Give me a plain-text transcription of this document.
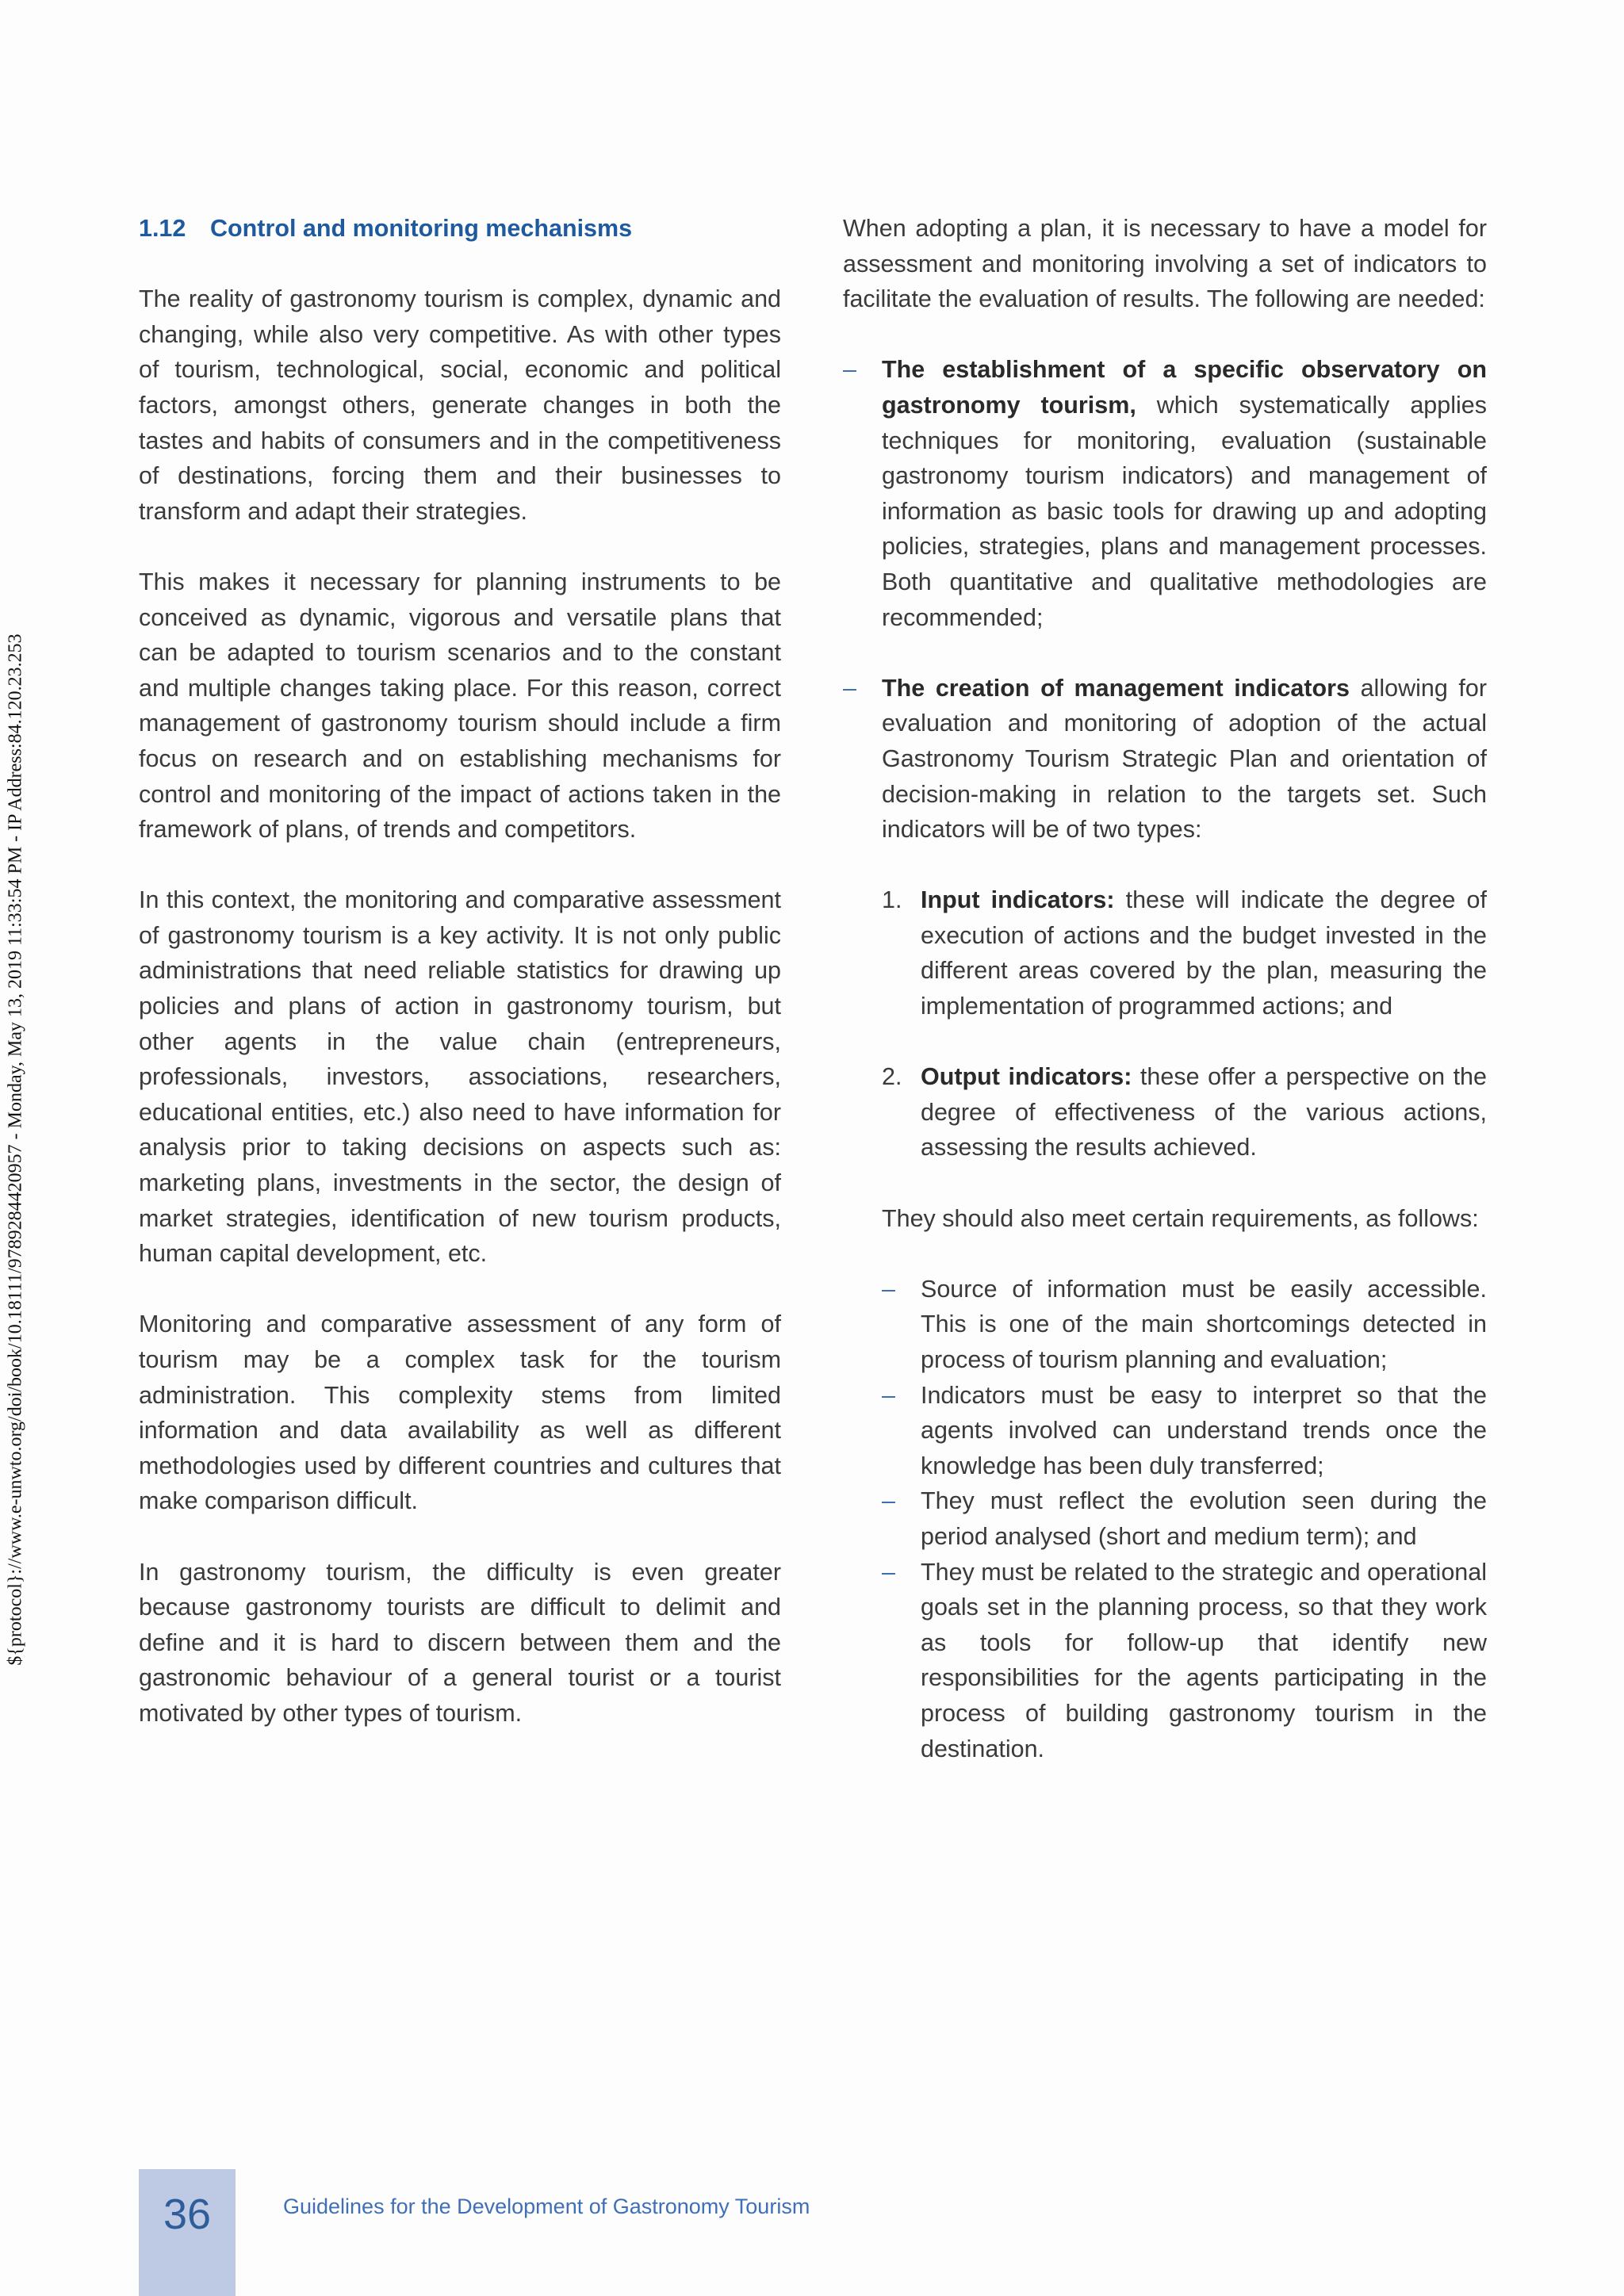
${protocol}://www.e-unwto.org/doi/book/10.18111/9789284420957 - Monday, May 13, 2019 11:33:54 PM - IP Address:84.120.23.253
1.12 Control and monitoring mechanisms

The reality of gastronomy tourism is complex, dynamic and changing, while also very competitive. As with other types of tourism, technological, social, economic and political factors, amongst others, generate changes in both the tastes and habits of consumers and in the competitiveness of destinations, forcing them and their businesses to transform and adapt their strategies.

This makes it necessary for planning instruments to be conceived as dynamic, vigorous and versatile plans that can be adapted to tourism scenarios and to the constant and multiple changes taking place. For this reason, correct management of gastronomy tourism should include a firm focus on research and on establishing mechanisms for control and monitoring of the impact of actions taken in the framework of plans, of trends and competitors.

In this context, the monitoring and comparative assessment of gastronomy tourism is a key activity. It is not only public administrations that need reliable statistics for drawing up policies and plans of action in gastronomy tourism, but other agents in the value chain (entrepreneurs, professionals, investors, associations, researchers, educational entities, etc.) also need to have information for analysis prior to taking decisions on aspects such as: marketing plans, investments in the sector, the design of market strategies, identification of new tourism products, human capital development, etc.

Monitoring and comparative assessment of any form of tourism may be a complex task for the tourism administration. This complexity stems from limited information and data availability as well as different methodologies used by different countries and cultures that make comparison difficult.

In gastronomy tourism, the difficulty is even greater because gastronomy tourists are difficult to delimit and define and it is hard to discern between them and the gastronomic behaviour of a general tourist or a tourist motivated by other types of tourism.

When adopting a plan, it is necessary to have a model for assessment and monitoring involving a set of indicators to facilitate the evaluation of results. The following are needed:

– The establishment of a specific observatory on gastronomy tourism, which systematically applies techniques for monitoring, evaluation (sustainable gastronomy tourism indicators) and management of information as basic tools for drawing up and adopting policies, strategies, plans and management processes. Both quantitative and qualitative methodologies are recommended;
– The creation of management indicators allowing for evaluation and monitoring of adoption of the actual Gastronomy Tourism Strategic Plan and orientation of decision-making in relation to the targets set. Such indicators will be of two types:
1. Input indicators: these will indicate the degree of execution of actions and the budget invested in the different areas covered by the plan, measuring the implementation of programmed actions; and
2. Output indicators: these offer a perspective on the degree of effectiveness of the various actions, assessing the results achieved.

They should also meet certain requirements, as follows:

– Source of information must be easily accessible. This is one of the main shortcomings detected in process of tourism planning and evaluation;
– Indicators must be easy to interpret so that the agents involved can understand trends once the knowledge has been duly transferred;
– They must reflect the evolution seen during the period analysed (short and medium term); and
– They must be related to the strategic and operational goals set in the planning process, so that they work as tools for follow-up that identify new responsibilities for the agents participating in the process of building gastronomy tourism in the destination.
36	Guidelines for the Development of Gastronomy Tourism
